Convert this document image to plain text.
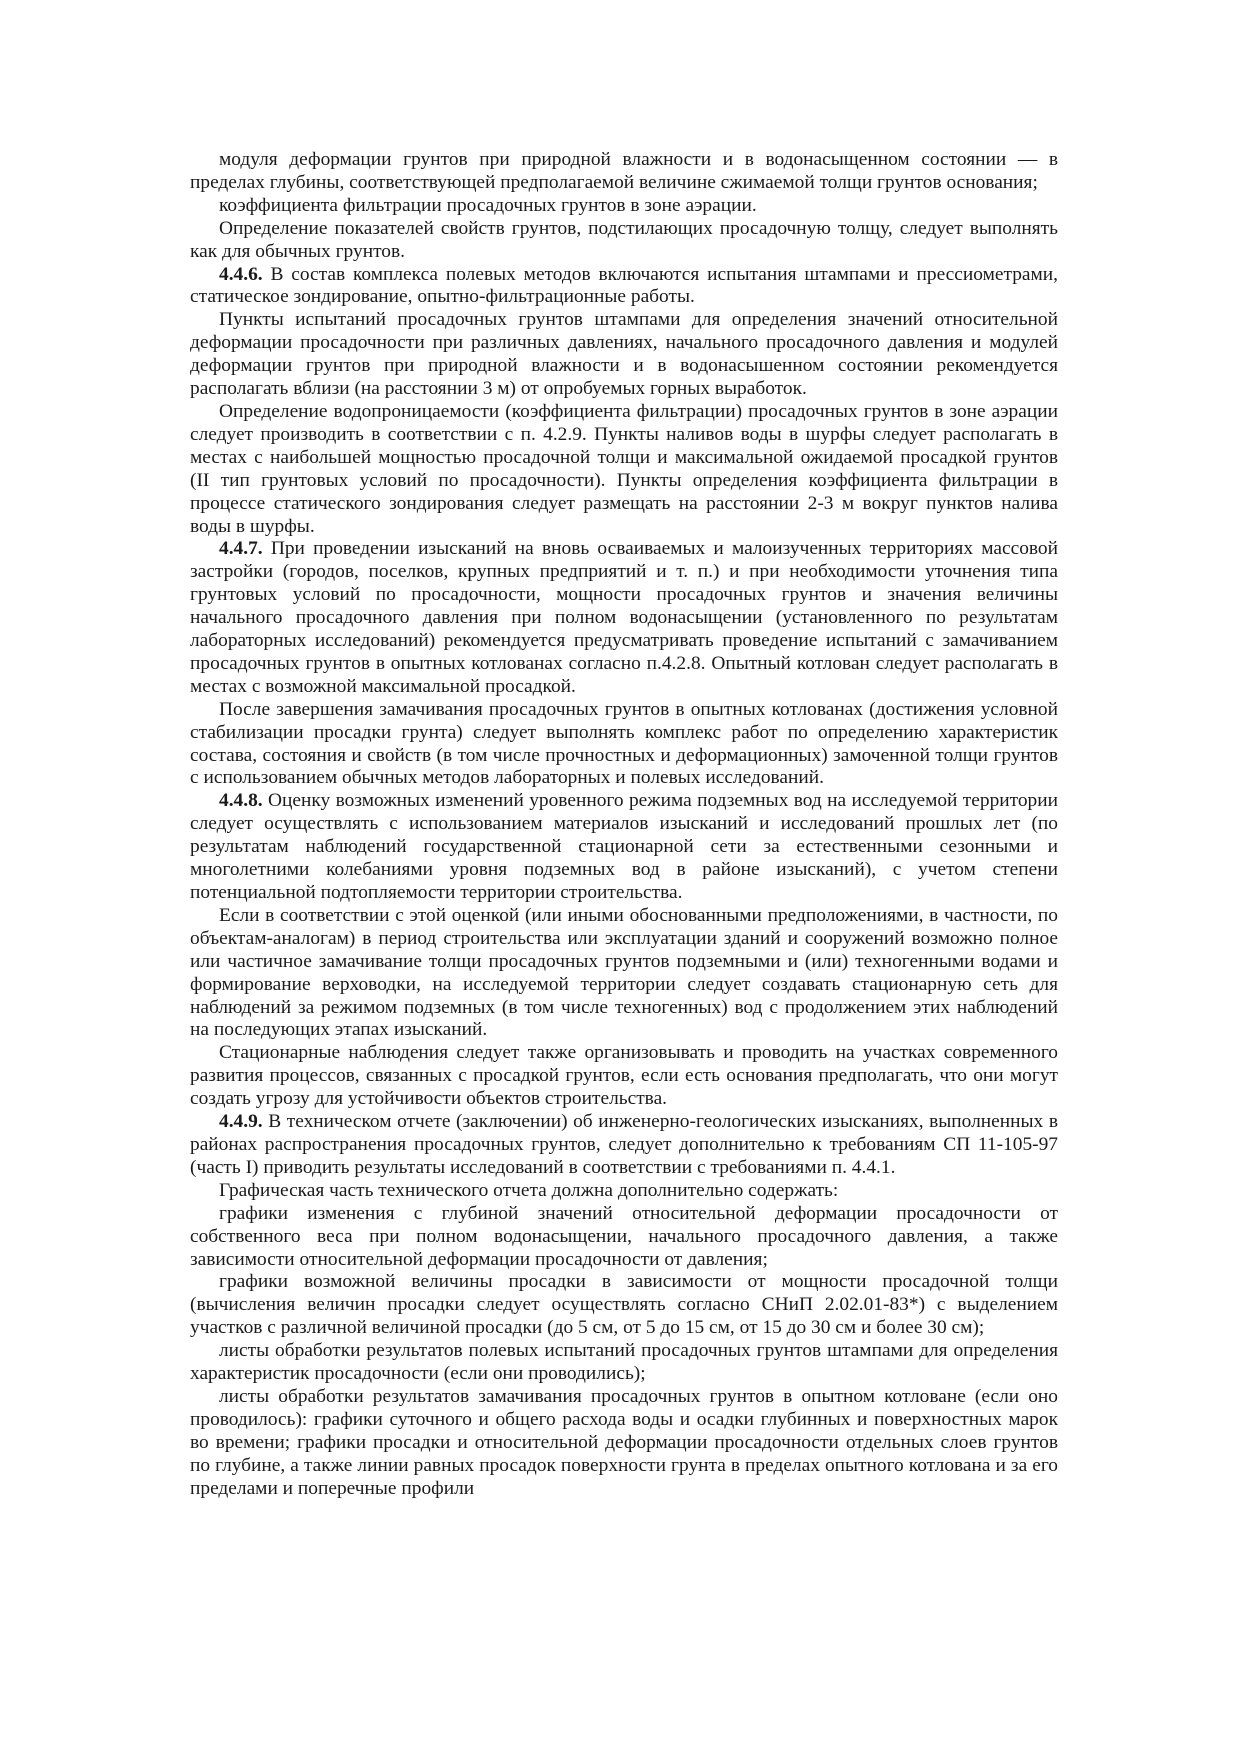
модуля деформации грунтов при природной влажности и в водонасыщенном состоянии — в пределах глубины, соответствующей предполагаемой величине сжимаемой толщи грунтов основания;

коэффициента фильтрации просадочных грунтов в зоне аэрации.

Определение показателей свойств грунтов, подстилающих просадочную толщу, следует выполнять как для обычных грунтов.

4.4.6. В состав комплекса полевых методов включаются испытания штампами и прессиометрами, статическое зондирование, опытно-фильтрационные работы.

Пункты испытаний просадочных грунтов штампами для определения значений относительной деформации просадочности при различных давлениях, начального просадочного давления и модулей деформации грунтов при природной влажности и в водонасышенном состоянии рекомендуется располагать вблизи (на расстоянии 3 м) от опробуемых горных выработок.

Определение водопроницаемости (коэффициента фильтрации) просадочных грунтов в зоне аэрации следует производить в соответствии с п. 4.2.9. Пункты наливов воды в шурфы следует располагать в местах с наибольшей мощностью просадочной толщи и максимальной ожидаемой просадкой грунтов (II тип грунтовых условий по просадочности). Пункты определения коэффициента фильтрации в процессе статического зондирования следует размещать на расстоянии 2-3 м вокруг пунктов налива воды в шурфы.

4.4.7. При проведении изысканий на вновь осваиваемых и малоизученных территориях массовой застройки (городов, поселков, крупных предприятий и т. п.) и при необходимости уточнения типа грунтовых условий по просадочности, мощности просадочных грунтов и значения величины начального просадочного давления при полном водонасыщении (установленного по результатам лабораторных исследований) рекомендуется предусматривать проведение испытаний с замачиванием просадочных грунтов в опытных котлованах согласно п.4.2.8. Опытный котлован следует располагать в местах с возможной максимальной просадкой.

После завершения замачивания просадочных грунтов в опытных котлованах (достижения условной стабилизации просадки грунта) следует выполнять комплекс работ по определению характеристик состава, состояния и свойств (в том числе прочностных и деформационных) замоченной толщи грунтов с использованием обычных методов лабораторных и полевых исследований.

4.4.8. Оценку возможных изменений уровенного режима подземных вод на исследуемой территории следует осуществлять с использованием материалов изысканий и исследований прошлых лет (по результатам наблюдений государственной стационарной сети за естественными сезонными и многолетними колебаниями уровня подземных вод в районе изысканий), с учетом степени потенциальной подтопляемости территории строительства.

Если в соответствии с этой оценкой (или иными обоснованными предположениями, в частности, по объектам-аналогам) в период строительства или эксплуатации зданий и сооружений возможно полное или частичное замачивание толщи просадочных грунтов подземными и (или) техногенными водами и формирование верховодки, на исследуемой территории следует создавать стационарную сеть для наблюдений за режимом подземных (в том числе техногенных) вод с продолжением этих наблюдений на последующих этапах изысканий.

Стационарные наблюдения следует также организовывать и проводить на участках современного развития процессов, связанных с просадкой грунтов, если есть основания предполагать, что они могут создать угрозу для устойчивости объектов строительства.

4.4.9. В техническом отчете (заключении) об инженерно-геологических изысканиях, выполненных в районах распространения просадочных грунтов, следует дополнительно к требованиям СП 11-105-97 (часть I) приводить результаты исследований в соответствии с требованиями п. 4.4.1.

Графическая часть технического отчета должна дополнительно содержать:

графики изменения с глубиной значений относительной деформации просадочности от собственного веса при полном водонасыщении, начального просадочного давления, а также зависимости относительной деформации просадочности от давления;

графики возможной величины просадки в зависимости от мощности просадочной толщи (вычисления величин просадки следует осуществлять согласно СНиП 2.02.01-83*) с выделением участков с различной величиной просадки (до 5 см, от 5 до 15 см, от 15 до 30 см и более 30 см);

листы обработки результатов полевых испытаний просадочных грунтов штампами для определения характеристик просадочности (если они проводились);

листы обработки результатов замачивания просадочных грунтов в опытном котловане (если оно проводилось): графики суточного и общего расхода воды и осадки глубинных и поверхностных марок во времени; графики просадки и относительной деформации просадочности отдельных слоев грунтов по глубине, а также линии равных просадок поверхности грунта в пределах опытного котлована и за его пределами и поперечные профили
